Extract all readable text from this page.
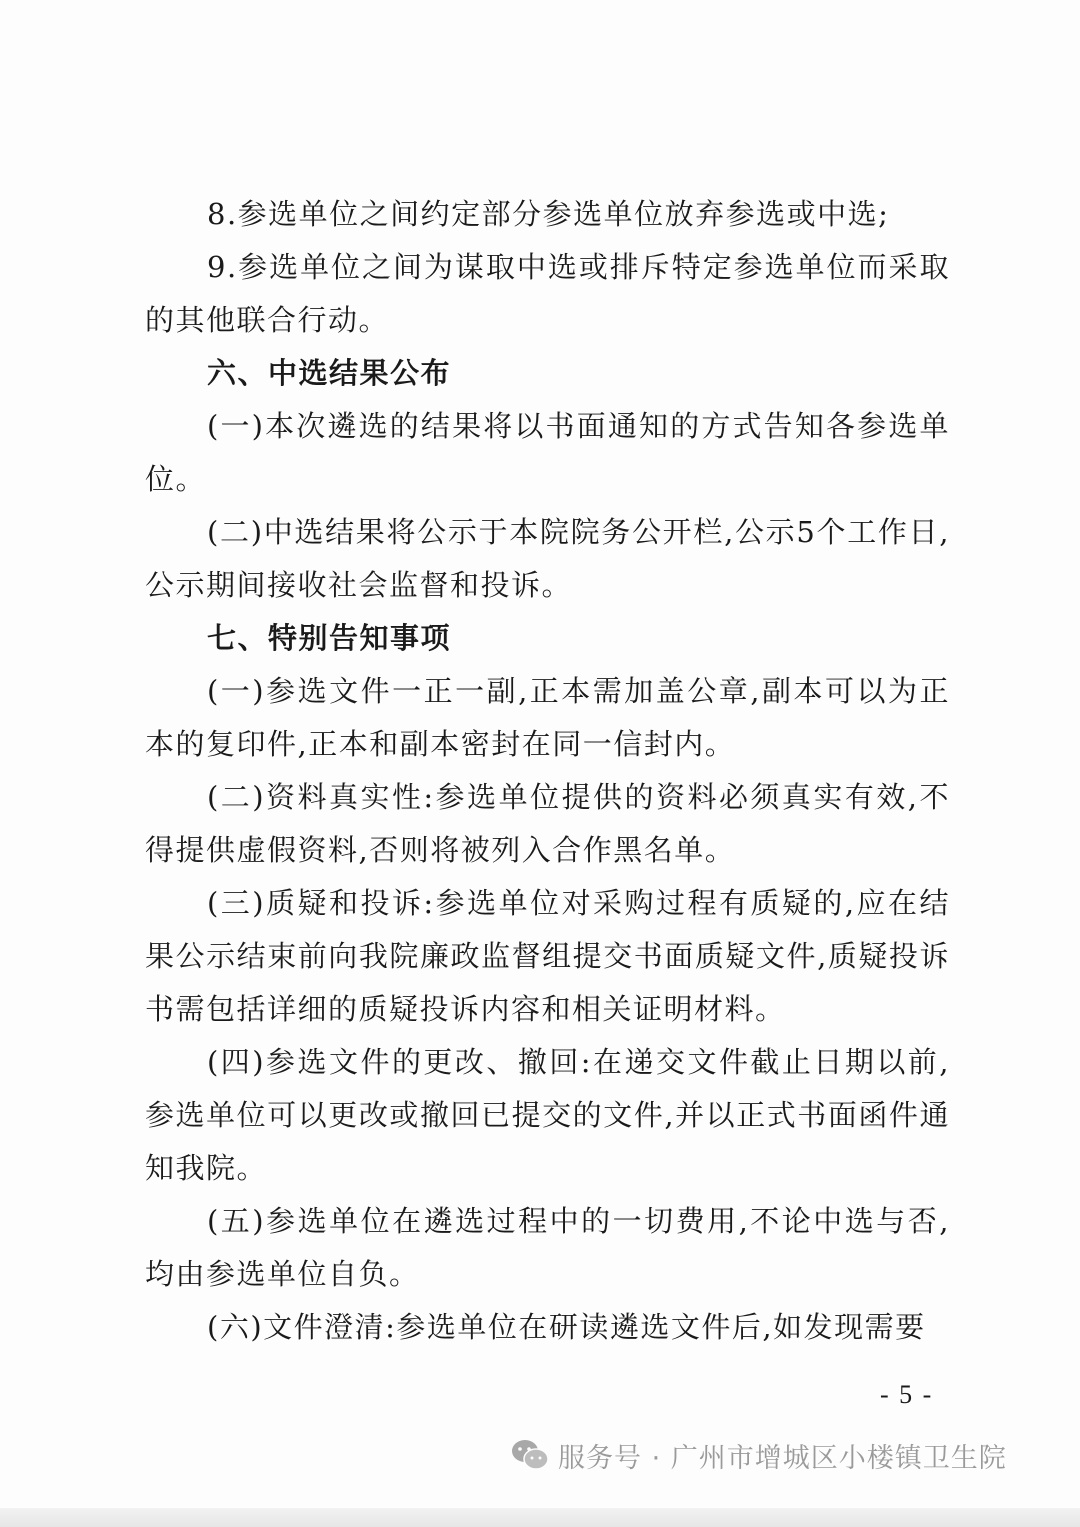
8.参选单位之间约定部分参选单位放弃参选或中选;

9.参选单位之间为谋取中选或排斥特定参选单位而采取的其他联合行动。

六、中选结果公布

(一)本次遴选的结果将以书面通知的方式告知各参选单位。

(二)中选结果将公示于本院院务公开栏,公示5个工作日,公示期间接收社会监督和投诉。

七、特别告知事项

(一)参选文件一正一副,正本需加盖公章,副本可以为正本的复印件,正本和副本密封在同一信封内。

(二)资料真实性:参选单位提供的资料必须真实有效,不得提供虚假资料,否则将被列入合作黑名单。

(三)质疑和投诉:参选单位对采购过程有质疑的,应在结果公示结束前向我院廉政监督组提交书面质疑文件,质疑投诉书需包括详细的质疑投诉内容和相关证明材料。

(四)参选文件的更改、撤回:在递交文件截止日期以前,参选单位可以更改或撤回已提交的文件,并以正式书面函件通知我院。

(五)参选单位在遴选过程中的一切费用,不论中选与否,均由参选单位自负。

(六)文件澄清:参选单位在研读遴选文件后,如发现需要

- 5 -
服务号 · 广州市增城区小楼镇卫生院
